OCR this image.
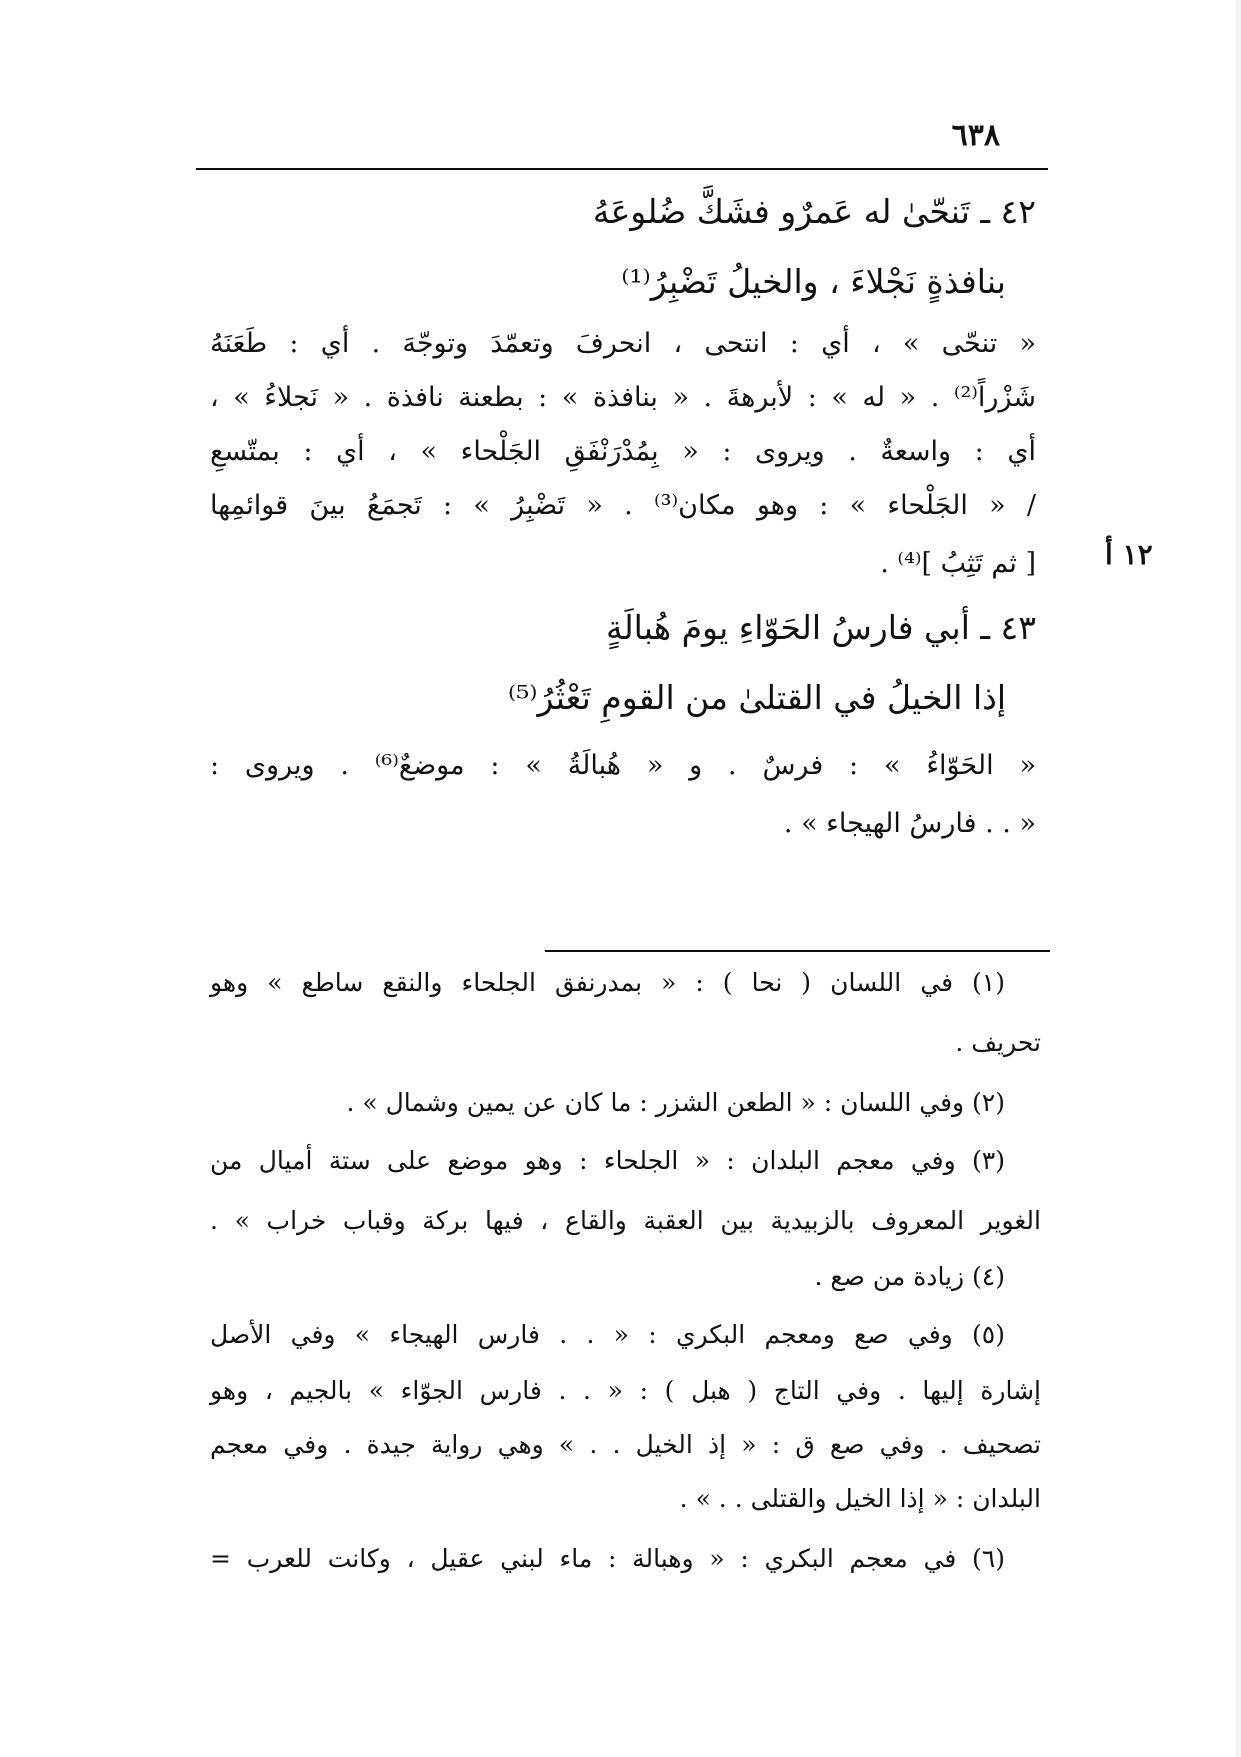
٦٣٨
٤٢ ـ تَنحّىٰ له عَمرٌو فشَكَّ ضُلوعَهُ
بنافذةٍ نَجْلاءَ ، والخيلُ تَضْبِرُ⁽¹⁾
« تنحّى » ، أي : انتحى ، انحرفَ وتعمّدَ وتوجّهَ . أي : طَعَنَهُ
شَزْراً⁽²⁾ . « له » : لأبرهةَ . « بنافذة » : بطعنة نافذة . « نَجلاءُ » ،
أي : واسعةٌ . ويروى : « بِمُدْرَنْفَقِ الجَلْحاء » ، أي : بمتّسعِ
/ « الجَلْحاء » : وهو مكان⁽³⁾ . « تَضْبِرُ » : تَجمَعُ بينَ قوائمِها
[ ثم تَثِبُ ]⁽⁴⁾ . ١٢ أ
٤٣ ـ أبي فارسُ الحَوّاءِ يومَ هُبالَةٍ
إذا الخيلُ في القتلىٰ من القومِ تَعْثُرُ⁽⁵⁾
« الحَوّاءُ » : فرسٌ . و « هُبالَةُ » : موضعٌ⁽⁶⁾ . ويروى :
« . . فارسُ الهيجاء » .
(١) في اللسان ( نحا ) : « بمدرنفق الجلحاء والنقع ساطع » وهو
تحريف .
(٢) وفي اللسان : « الطعن الشزر : ما كان عن يمين وشمال » .
(٣) وفي معجم البلدان : « الجلحاء : وهو موضع على ستة أميال من
الغوير المعروف بالزبيدية بين العقبة والقاع ، فيها بركة وقباب خراب » .
(٤) زيادة من صع .
(٥) وفي صع ومعجم البكري : « . . فارس الهيجاء » وفي الأصل
إشارة إليها . وفي التاج ( هبل ) : « . . فارس الجوّاء » بالجيم ، وهو
تصحيف . وفي صع ق : « إذ الخيل . . » وهي رواية جيدة . وفي معجم
البلدان : « إذا الخيل والقتلى . . » .
(٦) في معجم البكري : « وهبالة : ماء لبني عقيل ، وكانت للعرب =
